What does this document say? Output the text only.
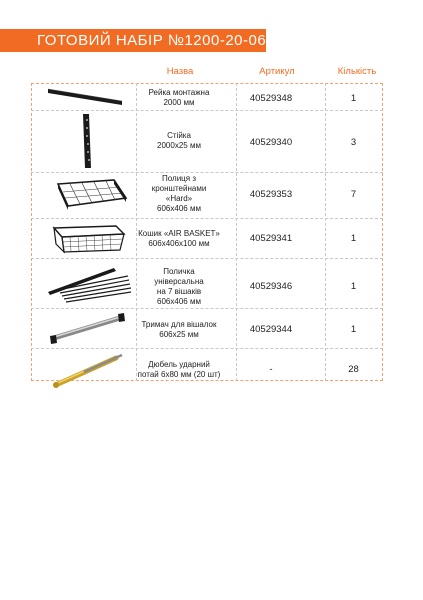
ГОТОВИЙ НАБІР №1200-20-061
Назва	Артикул	Кількість
Рейка монтажна
2000 мм	40529348	1
Стійка
2000х25 мм	40529340	3
Полиця з
кронштейнами
«Hard»
606х406 мм
40529353	7
Кошик «AIR BASKET»
606х406х100 мм	40529341	1
Поличка
універсальна
на 7 вішаків
606х406 мм
40529346	1
Тримач для вішалок
606х25 мм	40529344	1
Дюбель ударний
потай 6х80 мм (20 шт)	-	28
